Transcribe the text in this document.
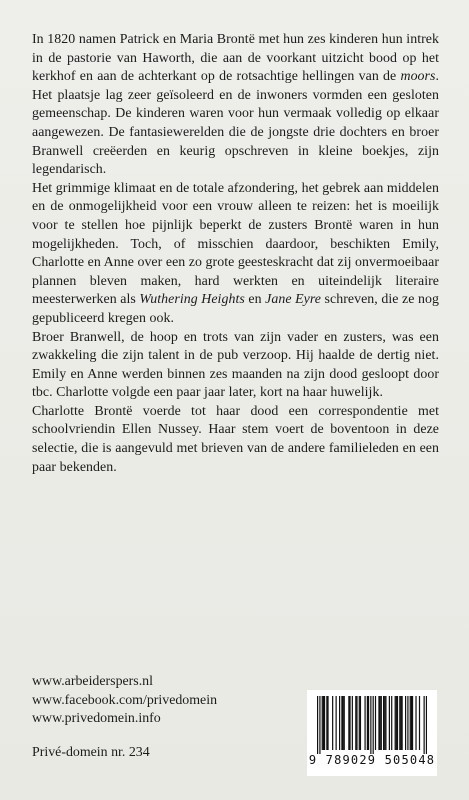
In 1820 namen Patrick en Maria Brontë met hun zes kinderen hun intrek in de pastorie van Haworth, die aan de voorkant uitzicht bood op het kerkhof en aan de achterkant op de rotsachtige hellingen van de moors. Het plaatsje lag zeer geïsoleerd en de inwoners vormden een gesloten gemeenschap. De kinderen waren voor hun vermaak volledig op elkaar aangewezen. De fantasiewerelden die de jongste drie dochters en broer Branwell creëerden en keurig opschreven in kleine boekjes, zijn legendarisch.

Het grimmige klimaat en de totale afzondering, het gebrek aan middelen en de onmogelijkheid voor een vrouw alleen te reizen: het is moeilijk voor te stellen hoe pijnlijk beperkt de zusters Brontë waren in hun mogelijkheden. Toch, of misschien daardoor, beschikten Emily, Charlotte en Anne over een zo grote geesteskracht dat zij onvermoeibaar plannen bleven maken, hard werkten en uiteindelijk literaire meesterwerken als Wuthering Heights en Jane Eyre schreven, die ze nog gepubliceerd kregen ook.

Broer Branwell, de hoop en trots van zijn vader en zusters, was een zwakkeling die zijn talent in de pub verzoop. Hij haalde de dertig niet. Emily en Anne werden binnen zes maanden na zijn dood gesloopt door tbc. Charlotte volgde een paar jaar later, kort na haar huwelijk.

Charlotte Brontë voerde tot haar dood een correspondentie met schoolvriendin Ellen Nussey. Haar stem voert de boventoon in deze selectie, die is aangevuld met brieven van de andere familieleden en een paar bekenden.

www.arbeiderspers.nl
www.facebook.com/privedomein
www.privedomein.info
Privé-domein nr. 234	9 789029 505048
